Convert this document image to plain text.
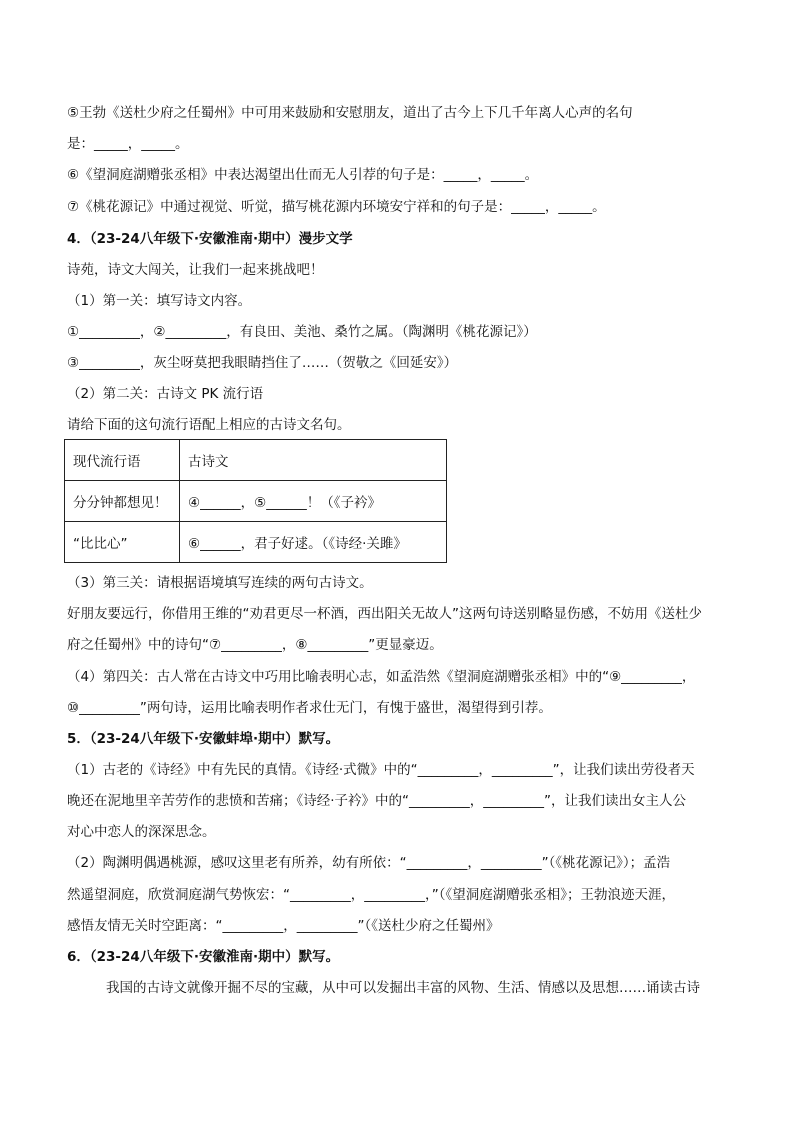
⑤王勃《送杜少府之任蜀州》中可用来鼓励和安慰朋友，道出了古今上下几千年离人心声的名句
是：_____，_____。
⑥《望洞庭湖赠张丞相》中表达渴望出仕而无人引荐的句子是：_____，_____。
⑦《桃花源记》中通过视觉、听觉，描写桃花源内环境安宁祥和的句子是：_____，_____。
4．（23-24八年级下·安徽淮南·期中）漫步文学
诗苑，诗文大闯关，让我们一起来挑战吧！
（1）第一关：填写诗文内容。
①_________，②_________，有良田、美池、桑竹之属。（陶渊明《桃花源记》）
③_________，灰尘呀莫把我眼睛挡住了……（贺敬之《回延安》）
（2）第二关：古诗文 PK 流行语
请给下面的这句流行语配上相应的古诗文名句。
现代流行语	古诗文
分分钟都想见！	④______，⑤______！（《子衿》
“比比心”	⑥______，君子好逑。（《诗经·关雎》
（3）第三关：请根据语境填写连续的两句古诗文。
好朋友要远行，你借用王维的“劝君更尽一杯酒，西出阳关无故人”这两句诗送别略显伤感，不妨用《送杜少
府之任蜀州》中的诗句“⑦_________，⑧_________”更显豪迈。
（4）第四关：古人常在古诗文中巧用比喻表明心志，如孟浩然《望洞庭湖赠张丞相》中的“⑨_________，
⑩_________”两句诗，运用比喻表明作者求仕无门，有愧于盛世，渴望得到引荐。
5．（23-24八年级下·安徽蚌埠·期中）默写。
（1）古老的《诗经》中有先民的真情。《诗经·式微》中的“_________，_________”，让我们读出劳役者天
晚还在泥地里辛苦劳作的悲愤和苦痛；《诗经·子衿》中的“_________，_________”，让我们读出女主人公
对心中恋人的深深思念。
（2）陶渊明偶遇桃源，感叹这里老有所养，幼有所依：“_________，_________”（《桃花源记》）；孟浩
然遥望洞庭，欣赏洞庭湖气势恢宏：“_________，_________，”（《望洞庭湖赠张丞相》；王勃浪迹天涯，
感悟友情无关时空距离：“_________，_________”（《送杜少府之任蜀州》
6．（23-24八年级下·安徽淮南·期中）默写。
我国的古诗文就像开掘不尽的宝藏，从中可以发掘出丰富的风物、生活、情感以及思想……诵读古诗
